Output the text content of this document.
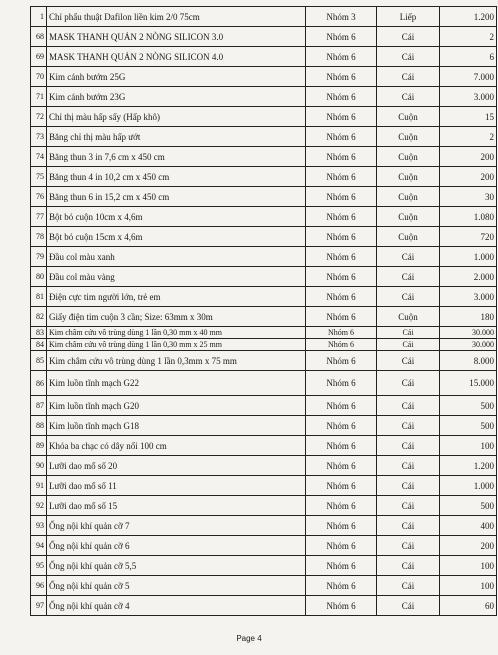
1	Chỉ phẩu thuật Dafilon liền kim 2/0 75cm	Nhóm 3	Liếp	1.200
68	MASK THANH QUẢN 2 NÒNG SILICON 3.0	Nhóm 6	Cái	2
69	MASK THANH QUẢN 2 NÒNG SILICON 4.0	Nhóm 6	Cái	6
70	Kim cánh bướm 25G	Nhóm 6	Cái	7.000
71	Kim cánh bướm 23G	Nhóm 6	Cái	3.000
72	Chỉ thị màu hấp sấy (Hấp khô)	Nhóm 6	Cuộn	15
73	Băng chỉ thị màu hấp ướt	Nhóm 6	Cuộn	2
74	Băng thun 3 in 7,6 cm x 450 cm	Nhóm 6	Cuộn	200
75	Băng thun 4 in 10,2 cm x 450 cm	Nhóm 6	Cuộn	200
76	Băng thun 6 in 15,2 cm x 450 cm	Nhóm 6	Cuộn	30
77	Bột bó cuộn 10cm x 4,6m	Nhóm 6	Cuộn	1.080
78	Bột bó cuộn 15cm x 4,6m	Nhóm 6	Cuộn	720
79	Đầu col màu xanh	Nhóm 6	Cái	1.000
80	Đầu col màu vàng	Nhóm 6	Cái	2.000
81	Điện cực tim người lớn, trẻ em	Nhóm 6	Cái	3.000
82	Giấy điện tim cuộn 3 cần; Size: 63mm x 30m	Nhóm 6	Cuộn	180
83	Kim châm cứu vô trùng dùng 1 lần 0,30 mm x 40 mm	Nhóm 6	Cái	30.000
84	Kim châm cứu vô trùng dùng 1 lần 0,30 mm x 25 mm	Nhóm 6	Cái	30.000
85	Kim châm cứu vô trùng dùng 1 lần 0,3mm x 75 mm	Nhóm 6	Cái	8.000
86	Kim luồn tĩnh mạch G22	Nhóm 6	Cái	15.000
87	Kim luồn tĩnh mạch G20	Nhóm 6	Cái	500
88	Kim luồn tĩnh mạch G18	Nhóm 6	Cái	500
89	Khóa ba chạc có dây nối 100 cm	Nhóm 6	Cái	100
90	Lưỡi dao mổ số 20	Nhóm 6	Cái	1.200
91	Lưỡi dao mổ số 11	Nhóm 6	Cái	1.000
92	Lưỡi dao mổ số 15	Nhóm 6	Cái	500
93	Ống nội khí quản cỡ 7	Nhóm 6	Cái	400
94	Ống nội khí quản cỡ 6	Nhóm 6	Cái	200
95	Ống nội khí quản cỡ 5,5	Nhóm 6	Cái	100
96	Ống nội khí quản cỡ 5	Nhóm 6	Cái	100
97	Ống nội khí quản cỡ 4	Nhóm 6	Cái	60
Page 4
